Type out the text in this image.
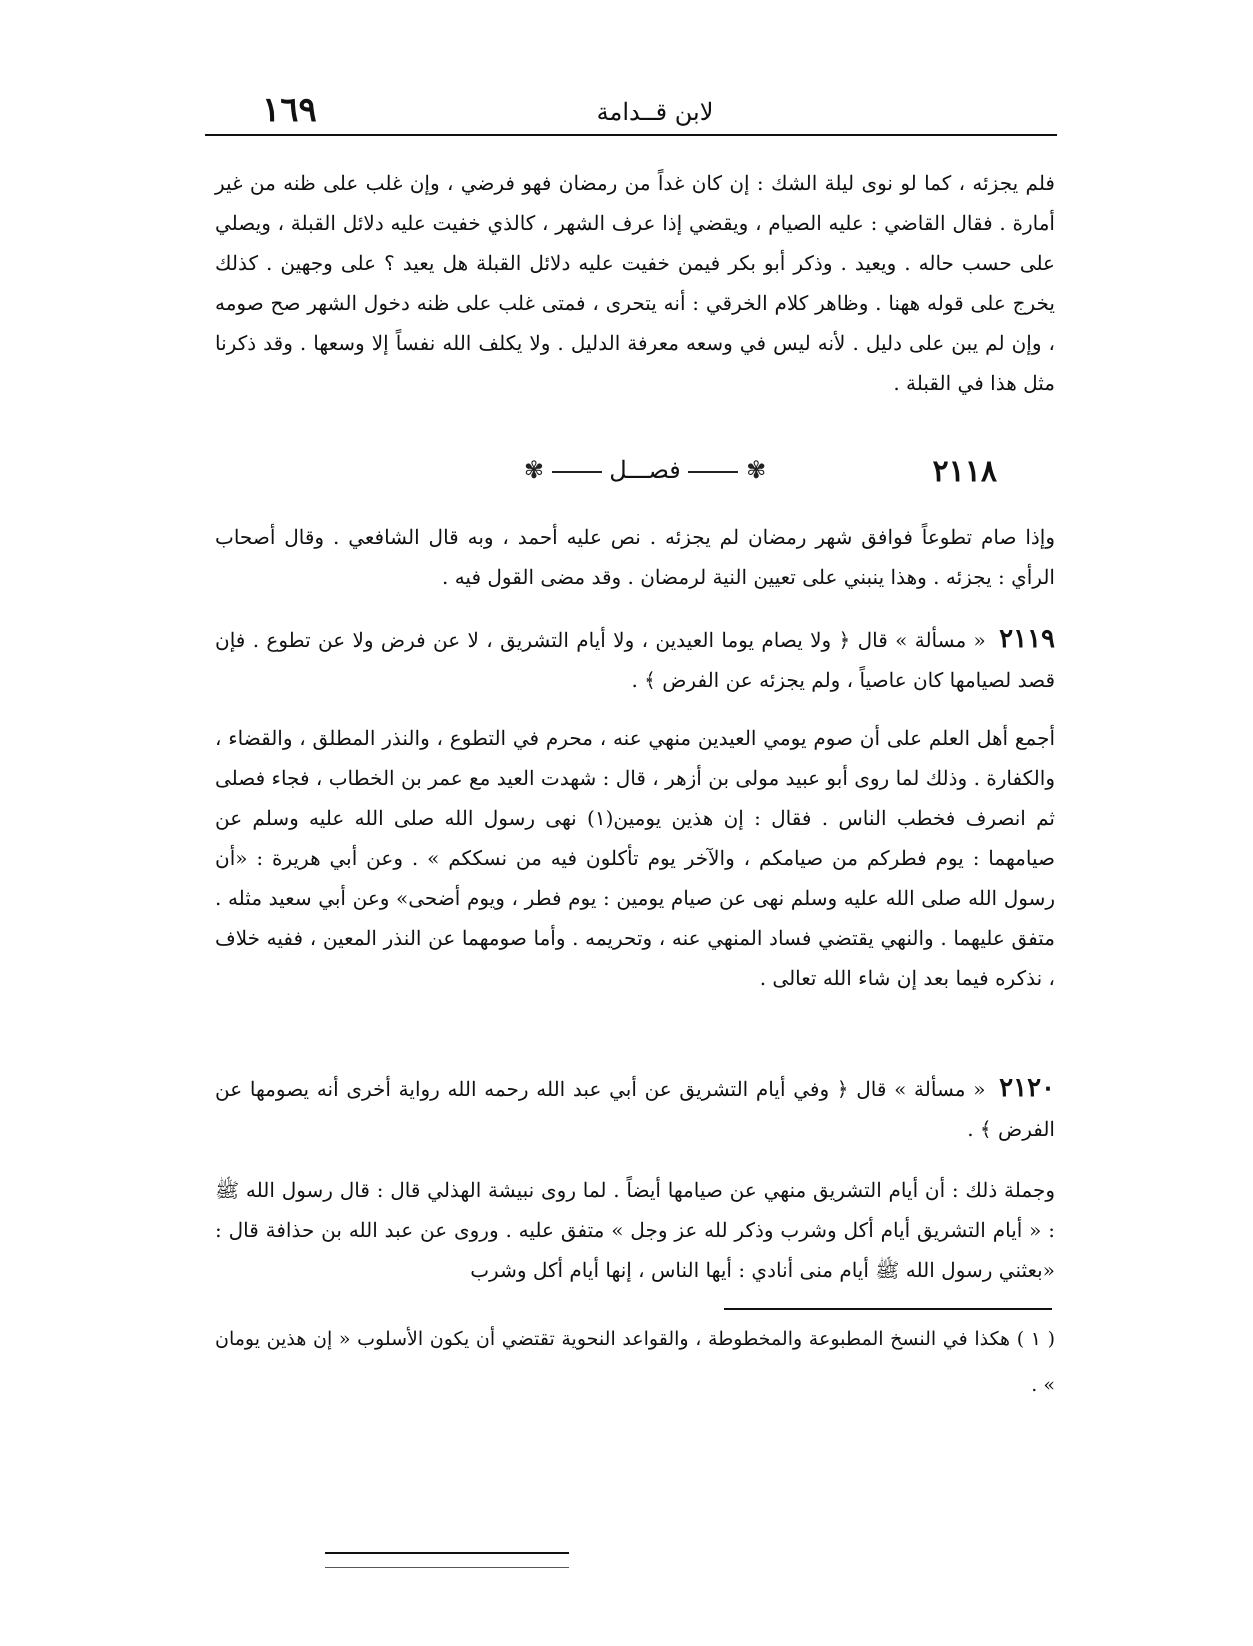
١٦٩	لابن قــدامة

فلم يجزئه ، كما لو نوى ليلة الشك : إن كان غداً من رمضان فهو فرضي ، وإن غلب على ظنه من غير أمارة . فقال القاضي : عليه الصيام ، ويقضي إذا عرف الشهر ، كالذي خفيت عليه دلائل القبلة ، ويصلي على حسب حاله . ويعيد . وذكر أبو بكر فيمن خفيت عليه دلائل القبلة هل يعيد ؟ على وجهين . كذلك يخرج على قوله ههنا . وظاهر كلام الخرقي : أنه يتحرى ، فمتى غلب على ظنه دخول الشهر صح صومه ، وإن لم يبن على دليل . لأنه ليس في وسعه معرفة الدليل . ولا يكلف الله نفساً إلا وسعها . وقد ذكرنا مثل هذا في القبلة .

٢١١٨
✾  فصـــل  ✾

وإذا صام تطوعاً فوافق شهر رمضان لم يجزئه . نص عليه أحمد ، وبه قال الشافعي . وقال أصحاب الرأي : يجزئه . وهذا ينبني على تعيين النية لرمضان . وقد مضى القول فيه .

٢١١٩ « مسألة » قال ﴿ ولا يصام يوما العيدين ، ولا أيام التشريق ، لا عن فرض ولا عن تطوع . فإن قصد لصيامها كان عاصياً ، ولم يجزئه عن الفرض ﴾ .

أجمع أهل العلم على أن صوم يومي العيدين منهي عنه ، محرم في التطوع ، والنذر المطلق ، والقضاء ، والكفارة . وذلك لما روى أبو عبيد مولى بن أزهر ، قال : شهدت العيد مع عمر بن الخطاب ، فجاء فصلى ثم انصرف فخطب الناس . فقال : إن هذين يومين(١) نهى رسول الله صلى الله عليه وسلم عن صيامهما : يوم فطركم من صيامكم ، والآخر يوم تأكلون فيه من نسككم » . وعن أبي هريرة : «أن رسول الله صلى الله عليه وسلم نهى عن صيام يومين : يوم فطر ، ويوم أضحى» وعن أبي سعيد مثله . متفق عليهما . والنهي يقتضي فساد المنهي عنه ، وتحريمه . وأما صومهما عن النذر المعين ، ففيه خلاف ، نذكره فيما بعد إن شاء الله تعالى .

٢١٢٠ « مسألة » قال ﴿ وفي أيام التشريق عن أبي عبد الله رحمه الله رواية أخرى أنه يصومها عن الفرض ﴾ .

وجملة ذلك : أن أيام التشريق منهي عن صيامها أيضاً . لما روى نبيشة الهذلي قال : قال رسول الله ﷺ : « أيام التشريق أيام أكل وشرب وذكر لله عز وجل » متفق عليه . وروى عن عبد الله بن حذافة قال : «بعثني رسول الله ﷺ أيام منى أنادي : أيها الناس ، إنها أيام أكل وشرب

( ١ ) هكذا في النسخ المطبوعة والمخطوطة ، والقواعد النحوية تقتضي أن يكون الأسلوب « إن هذين يومان » .
